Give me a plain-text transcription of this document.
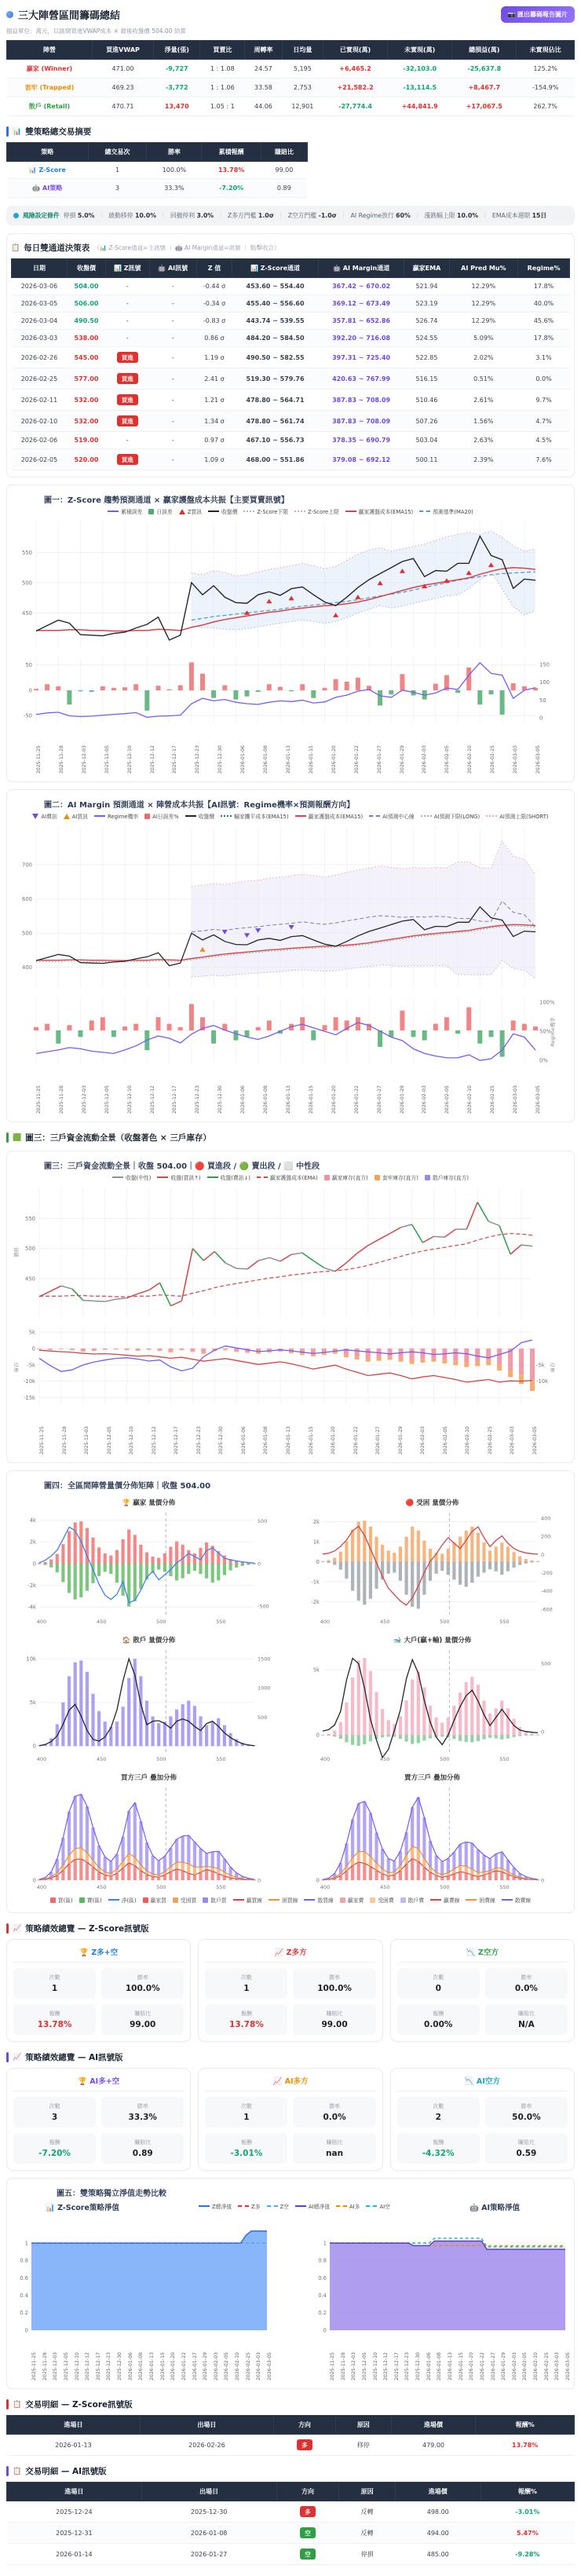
三大陣營區間籌碼總結	📷 匯出籌碼報告圖片
損益單位：萬元，以區間買進VWAP成本 × 最後收盤價 504.00 結算
陣營	買進VWAP	淨量(張)	買賣比	周轉率	日均量	已實現(萬)	未實現(萬)	總損益(萬)	未實現佔比
贏家 (Winner)	471.00	-9,727	1 : 1.08	24.57	5,195	+6,465.2	-32,103.0	-25,637.8	125.2%
套牢 (Trapped)	469.23	-3,772	1 : 1.06	33.58	2,753	+21,582.2	-13,114.5	+8,467.7	-154.9%
散戶 (Retail)	470.71	13,470	1.05 : 1	44.06	12,901	-27,774.4	+44,841.9	+17,067.5	262.7%
📊 雙策略總交易摘要
策略	總交易次	勝率	累積報酬	賺賠比
📊 Z-Score	1	100.0%	13.78%	99.00
🤖 AI策略	3	33.3%	-7.20%	0.89
風險設定條件 停損 5.0% ｜ 啟動移停 10.0% ｜ 回撤停利 3.0% ｜ Z多方門檻 1.0σ ｜ Z空方門檻 -1.0σ ｜ AI Regime放行 60% ｜ 漲跌幅上限 10.0% ｜ EMA成本週期 15日
📋 每日雙通道決策表 （📊 Z-Score通道=主訊號 ｜ 🤖 AI Margin通道=訊號 ｜ 點擊收合）
日期	收盤價	📊 Z訊號	🤖 AI訊號	Z 值	📊 Z-Score通道	🤖 AI Margin通道	贏家EMA	AI Pred Mu%	Regime%
2026-03-06	504.00	-	-	-0.44 σ	453.60 ~ 554.40	367.42 ~ 670.02	521.94	12.29%	17.8%
2026-03-05	506.00	-	-	-0.34 σ	455.40 ~ 556.60	369.12 ~ 673.49	523.19	12.29%	40.0%
2026-03-04	490.50	-	-	-0.83 σ	443.74 ~ 539.55	357.81 ~ 652.86	526.74	12.29%	45.6%
2026-03-03	538.00	-	-	0.86 σ	484.20 ~ 584.50	392.20 ~ 716.08	524.55	5.09%	17.8%
2026-02-26	545.00	買進	-	1.19 σ	490.50 ~ 582.55	397.31 ~ 725.40	522.85	2.02%	3.1%
2026-02-25	577.00	買進	-	2.41 σ	519.30 ~ 579.76	420.63 ~ 767.99	516.15	0.51%	0.0%
2026-02-11	532.00	買進	-	1.21 σ	478.80 ~ 564.71	387.83 ~ 708.09	510.46	2.61%	9.7%
2026-02-10	532.00	買進	-	1.34 σ	478.80 ~ 561.74	387.83 ~ 708.09	507.26	1.56%	4.7%
2026-02-06	519.00	-	-	0.97 σ	467.10 ~ 556.73	378.35 ~ 690.79	503.04	2.63%	4.5%
2026-02-05	520.00	買進	-	1.09 σ	468.00 ~ 551.86	379.08 ~ 692.12	500.11	2.39%	7.6%
圖一：Z-Score 趨勢預測通道 × 贏家護盤成本共振【主要買賣訊號】
累積誤差	日誤差	Z買訊	收盤價	Z-Score下限	Z-Score上限	贏家護盤成本(EMA15)	預測基準(MA20)
450
500
550
-50
0
50
0
50
100
150
2025-11-25	2025-11-28	2025-12-03	2025-12-05	2025-12-10	2025-12-12	2025-12-17	2025-12-23	2025-12-30	2026-01-06	2026-01-08	2026-01-13	2026-01-15	2026-01-20	2026-01-22	2026-01-27	2026-01-29	2026-02-03	2026-02-05	2026-02-10	2026-02-25	2026-03-03	2026-03-05
圖二：AI Margin 預測通道 × 陣營成本共振【AI訊號：Regime機率×預測報酬方向】
AI賣訊	AI買訊	Regime機率	AI日誤差%	收盤價	輸家攤平成本(EMA15)	贏家護盤成本(EMA15)	AI預測中心線	AI預測下限(LONG)	AI預測上限(SHORT)
400
500
600
700
0%
50%
100%
Regime機率
2025-11-25	2025-11-28	2025-12-03	2025-12-05	2025-12-10	2025-12-12	2025-12-17	2025-12-23	2025-12-30	2026-01-06	2026-01-08	2026-01-13	2026-01-15	2026-01-20	2026-01-22	2026-01-27	2026-01-29	2026-02-03	2026-02-05	2026-02-10	2026-02-25	2026-03-03	2026-03-05
🟩 圖三：三戶資金流動全景（收盤著色 × 三戶庫存）
圖三：三戶資金流動全景｜收盤 504.00｜🔴 買進段 / 🟢 賣出段 / ⬜ 中性段
收盤(中性)	收盤(買訊↑)	收盤(賣訊↓)	贏家護盤成本(EMA)	贏家庫存(直方)	套牢庫存(直方)	散戶庫存(直方)
450
500
550
價格
5k
0
-5k
-10k
-15k
-5k
-10k
庫存	庫存
2025-11-25	2025-11-28	2025-12-03	2025-12-05	2025-12-10	2025-12-12	2025-12-17	2025-12-23	2025-12-30	2026-01-06	2026-01-08	2026-01-13	2026-01-15	2026-01-20	2026-01-22	2026-01-27	2026-01-29	2026-02-03	2026-02-05	2026-02-10	2026-02-25	2026-03-03	2026-03-05
圖四：全區間陣營量價分佈矩陣｜收盤 504.00
🏆 贏家 量價分佈
-4k
-2k
0
2k
4k
-500
0
500
400	450	500	550
🔴 受困 量價分佈
-2k
-1k
0
1k
2k
-600
-400
-200
0
200
400
400	450	500	550
🏠 散戶 量價分佈
0
5k
10k
500
1000
1500
400	450	500	550
🐋 大戶(贏+輸) 量價分佈
0
5k
0
500
400	450	500	550
買方三戶 疊加分佈
0	0
400	450	500	550
賣方三戶 疊加分佈
0	0
400	450	500	550
買(區)	賣(區)	淨(區)	贏家買	受困買	散戶買	贏買線	困買線	散買線	贏家賣	受困賣	散戶賣	贏賣線	困賣線	散賣線
📈 策略績效總覽 — Z-Score訊號版
🏆 Z多+空
次數
1
勝率
100.0%
報酬
13.78%
賺賠比
99.00
📈 Z多方
次數
1
勝率
100.0%
報酬
13.78%
賺賠比
99.00
📉 Z空方
次數
0
勝率
0.0%
報酬
0.00%
賺賠比
N/A
📈 策略績效總覽 — AI訊號版
🏆 AI多+空
次數
3
勝率
33.3%
報酬
-7.20%
賺賠比
0.89
📈 AI多方
次數
1
勝率
0.0%
報酬
-3.01%
賺賠比
nan
📉 AI空方
次數
2
勝率
50.0%
報酬
-4.32%
賺賠比
0.59
圖五：雙策略獨立淨值走勢比較
📊 Z-Score策略淨值	Z總淨值	Z多	Z空	AI總淨值	AI多	AI空	🤖 AI策略淨值
0
0.2
0.4
0.6
0.8
1
2025-11-25 2025-11-28 2025-12-03 2025-12-05 2025-12-10 2025-12-12 2025-12-17 2025-12-23 2025-12-30 2026-01-06 2026-01-08 2026-01-13 2026-01-15 2026-01-20 2026-01-22 2026-01-27 2026-01-29 2026-02-03 2026-02-05 2026-02-10 2026-02-25 2026-03-03 2026-03-05
0
0.2
0.4
0.6
0.8
1
2025-11-25 2025-11-28 2025-12-03 2025-12-05 2025-12-10 2025-12-12 2025-12-17 2025-12-23 2025-12-30 2026-01-06 2026-01-08 2026-01-13 2026-01-15 2026-01-20 2026-01-22 2026-01-27 2026-01-29 2026-02-03 2026-02-05 2026-02-10 2026-02-25 2026-03-03 2026-03-05
📋 交易明細 — Z-Score訊號版
進場日	出場日	方向	原因	進場價	報酬%
2026-01-13	2026-02-26	多	移停	479.00	13.78%
📋 交易明細 — AI訊號版
進場日	出場日	方向	原因	進場價	報酬%
2025-12-24	2025-12-30	多	反轉	498.00	-3.01%
2025-12-31	2026-01-08	空	反轉	494.00	5.47%
2026-01-14	2026-01-27	空	停損	485.00	-9.28%
